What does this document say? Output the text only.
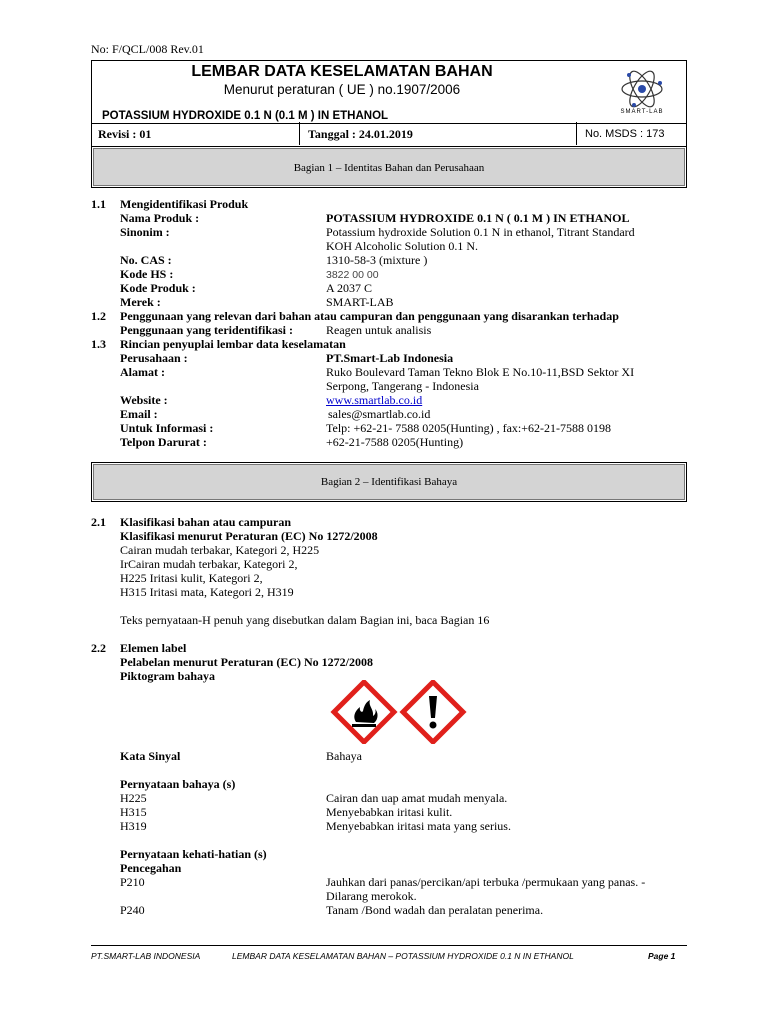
No: F/QCL/008 Rev.01
LEMBAR DATA KESELAMATAN BAHAN
Menurut peraturan ( UE ) no.1907/2006
POTASSIUM HYDROXIDE 0.1 N (0.1 M ) IN ETHANOL	SMART-LAB
Revisi : 01	Tanggal : 24.01.2019	No. MSDS : 173
Bagian 1 – Identitas Bahan dan Perusahaan
1.1 Mengidentifikasi Produk
Nama Produk :	POTASSIUM HYDROXIDE 0.1 N ( 0.1 M ) IN ETHANOL
Sinonim :	Potassium hydroxide Solution 0.1 N in ethanol, Titrant Standard
KOH Alcoholic Solution 0.1 N.
No. CAS :	1310-58-3 (mixture )
Kode HS :	3822 00 00
Kode Produk :	A 2037 C
Merek :	SMART-LAB
1.2 Penggunaan yang relevan dari bahan atau campuran dan penggunaan yang disarankan terhadap
Penggunaan yang teridentifikasi :	Reagen untuk analisis
1.3 Rincian penyuplai lembar data keselamatan
Perusahaan :	PT.Smart-Lab Indonesia
Alamat :	Ruko Boulevard Taman Tekno Blok E No.10-11,BSD Sektor XI
Serpong, Tangerang - Indonesia
Website :	www.smartlab.co.id
Email :	sales@smartlab.co.id
Untuk Informasi :	Telp: +62-21- 7588 0205(Hunting) , fax:+62-21-7588 0198
Telpon Darurat :	+62-21-7588 0205(Hunting)
Bagian 2 – Identifikasi Bahaya
2.1 Klasifikasi bahan atau campuran
Klasifikasi menurut Peraturan (EC) No 1272/2008
Cairan mudah terbakar, Kategori 2, H225
IrCairan mudah terbakar, Kategori 2,
H225 Iritasi kulit, Kategori 2,
H315 Iritasi mata, Kategori 2, H319
Teks pernyataan-H penuh yang disebutkan dalam Bagian ini, baca Bagian 16
2.2 Elemen label
Pelabelan menurut Peraturan (EC) No 1272/2008
Piktogram bahaya
Kata Sinyal	Bahaya
Pernyataan bahaya (s)
H225	Cairan dan uap amat mudah menyala.
H315	Menyebabkan iritasi kulit.
H319	Menyebabkan iritasi mata yang serius.
Pernyataan kehati-hatian (s)
Pencegahan
P210	Jauhkan dari panas/percikan/api terbuka /permukaan yang panas. -
Dilarang merokok.
P240	Tanam /Bond wadah dan peralatan penerima.
PT.SMART-LAB INDONESIA	LEMBAR DATA KESELAMATAN BAHAN – POTASSIUM HYDROXIDE 0.1 N IN ETHANOL	Page 1
